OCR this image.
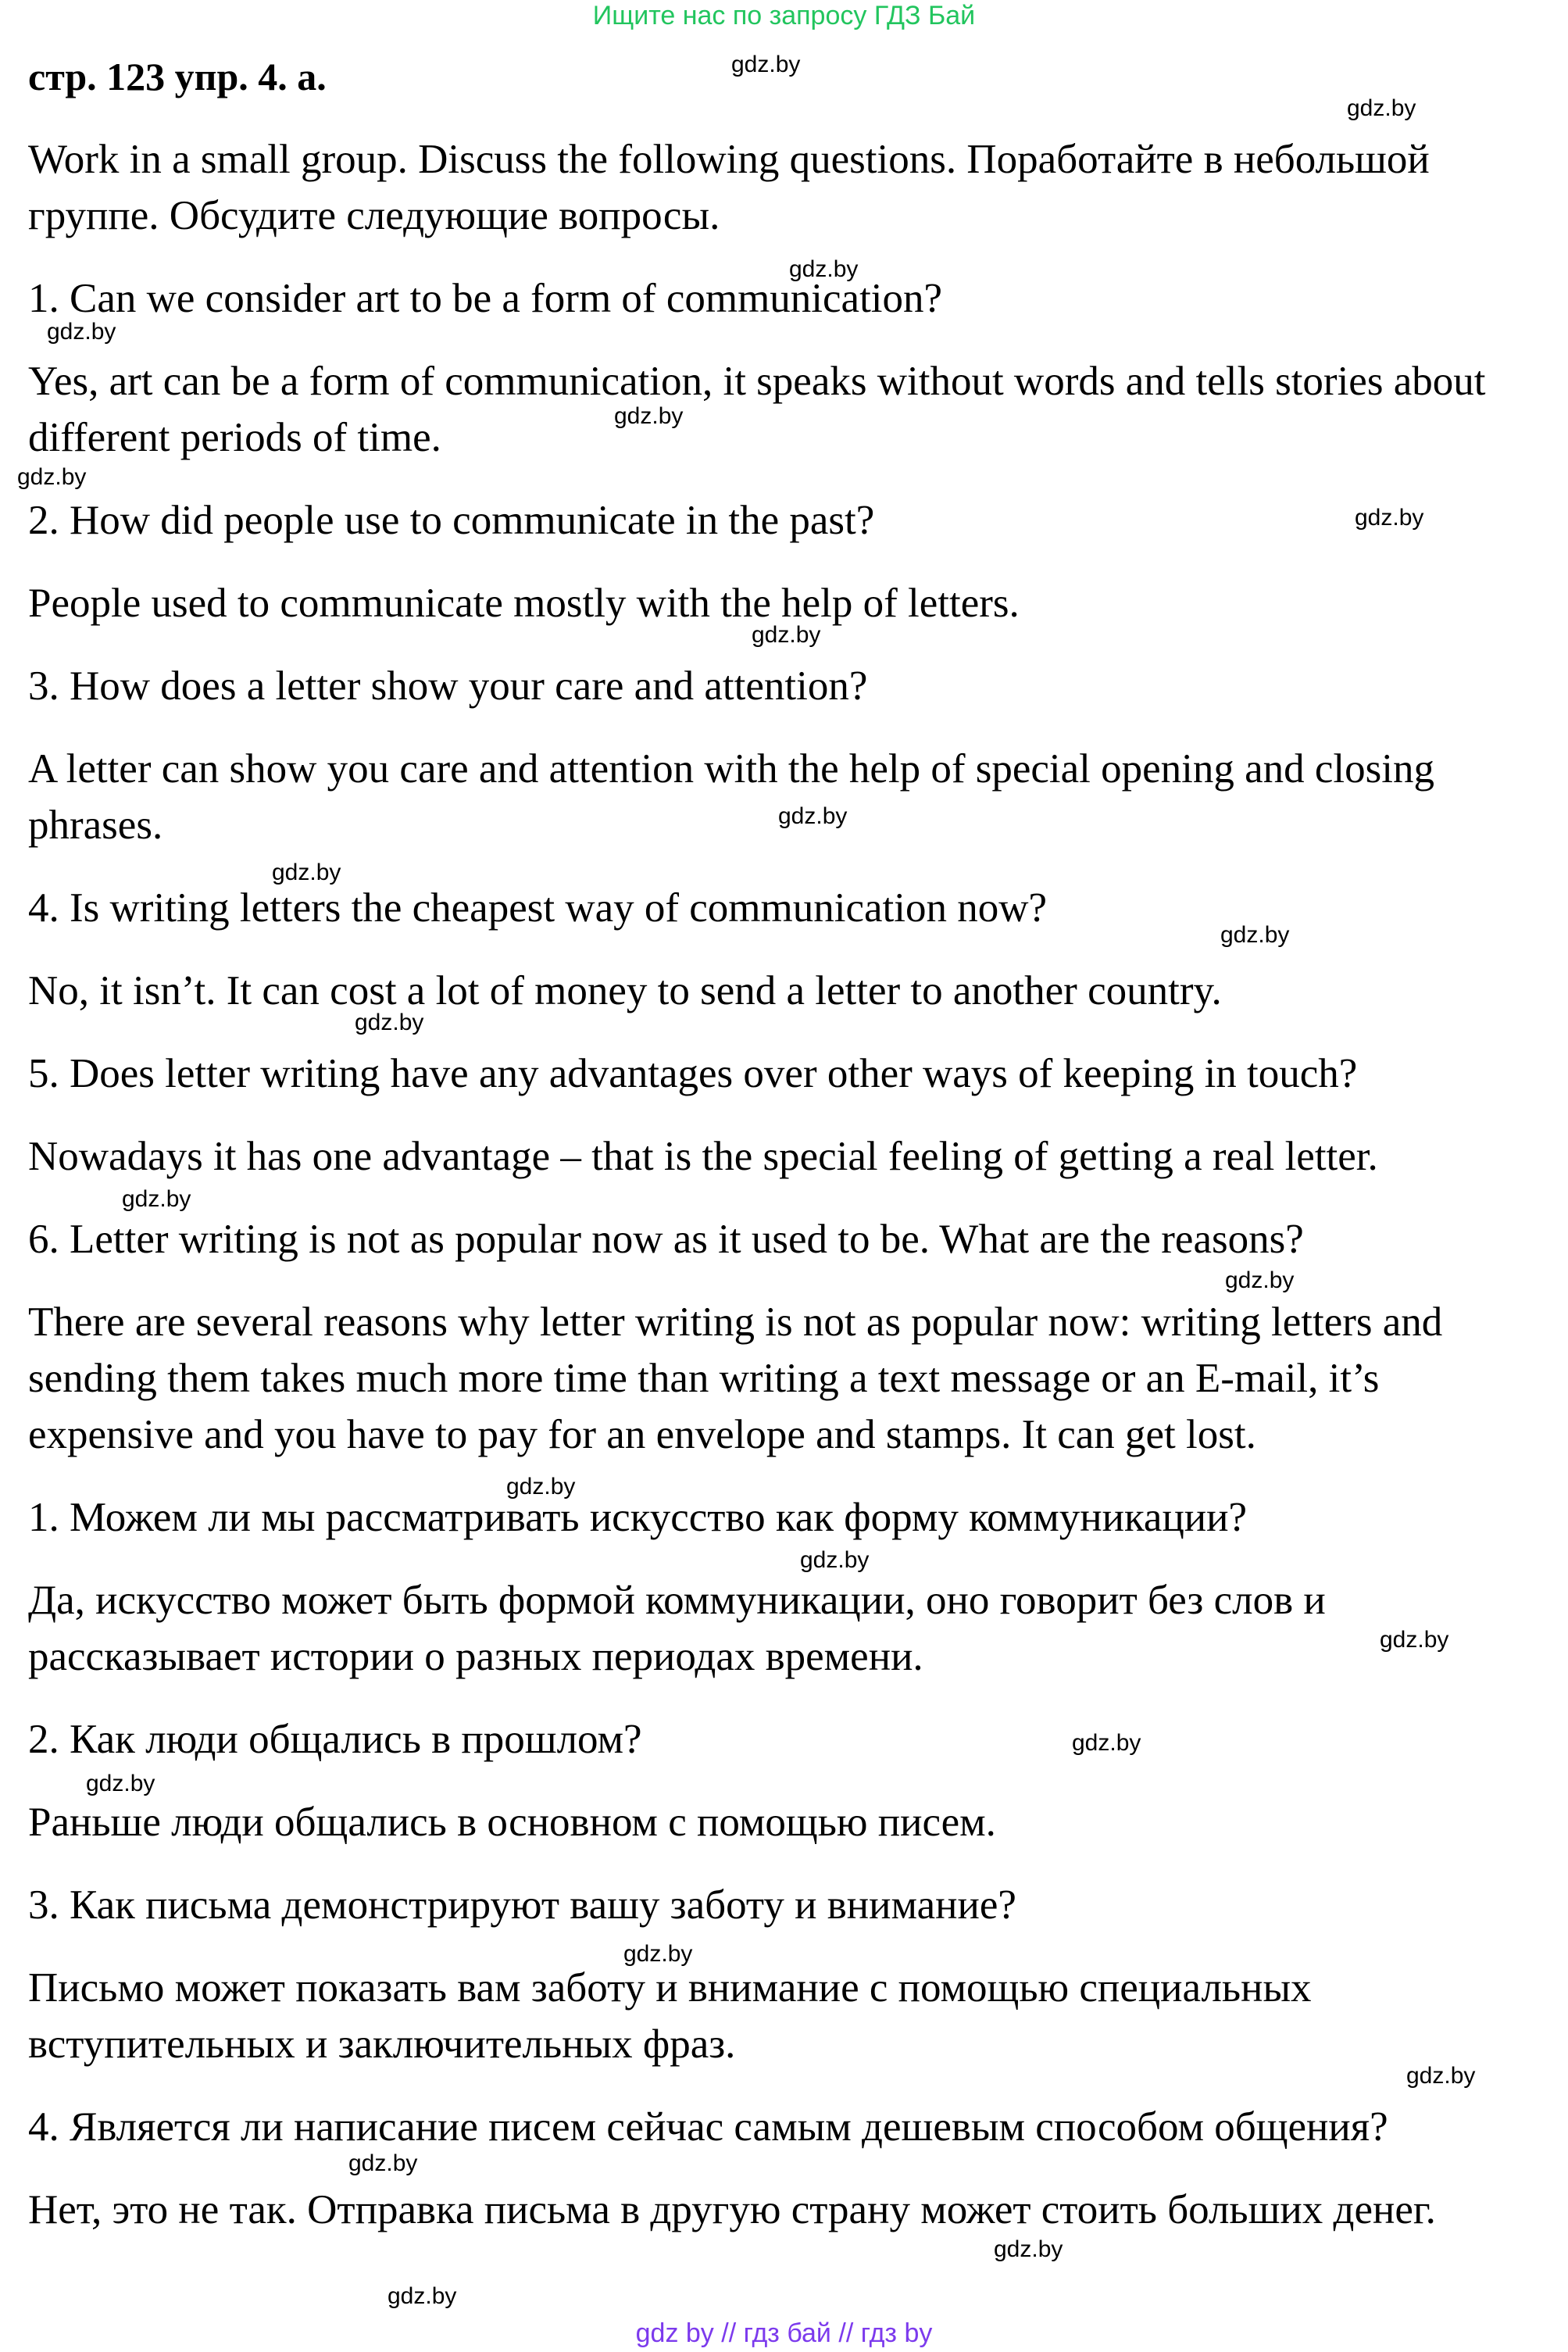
Ищите нас по запросу ГДЗ Бай
стр. 123 упр. 4. а.

Work in a small group. Discuss the following questions. Поработайте в небольшой группе. Обсудите следующие вопросы.

1. Can we consider art to be a form of communication?

Yes, art can be a form of communication, it speaks without words and tells stories about different periods of time.

2. How did people use to communicate in the past?

People used to communicate mostly with the help of letters.

3. How does a letter show your care and attention?

A letter can show you care and attention with the help of special opening and closing phrases.

4. Is writing letters the cheapest way of communication now?

No, it isn’t. It can cost a lot of money to send a letter to another country.

5. Does letter writing have any advantages over other ways of keeping in touch?

Nowadays it has one advantage – that is the special feeling of getting a real letter.

6. Letter writing is not as popular now as it used to be. What are the reasons?

There are several reasons why letter writing is not as popular now: writing letters and sending them takes much more time than writing a text message or an E-mail, it’s expensive and you have to pay for an envelope and stamps. It can get lost.

1. Можем ли мы рассматривать искусство как форму коммуникации?

Да, искусство может быть формой коммуникации, оно говорит без слов и рассказывает истории о разных периодах времени.

2. Как люди общались в прошлом?

Раньше люди общались в основном с помощью писем.

3. Как письма демонстрируют вашу заботу и внимание?

Письмо может показать вам заботу и внимание с помощью специальных вступительных и заключительных фраз.

4. Является ли написание писем сейчас самым дешевым способом общения?

Нет, это не так. Отправка письма в другую страну может стоить больших денег.

gdz.by
gdz.by
gdz.by
gdz.by
gdz.by
gdz.by
gdz.by
gdz.by
gdz.by
gdz.by
gdz.by
gdz.by
gdz.by
gdz.by
gdz.by
gdz.by
gdz.by
gdz.by
gdz.by
gdz.by
gdz.by
gdz.by
gdz.by
gdz.by
gdz by // гдз бай // гдз by
